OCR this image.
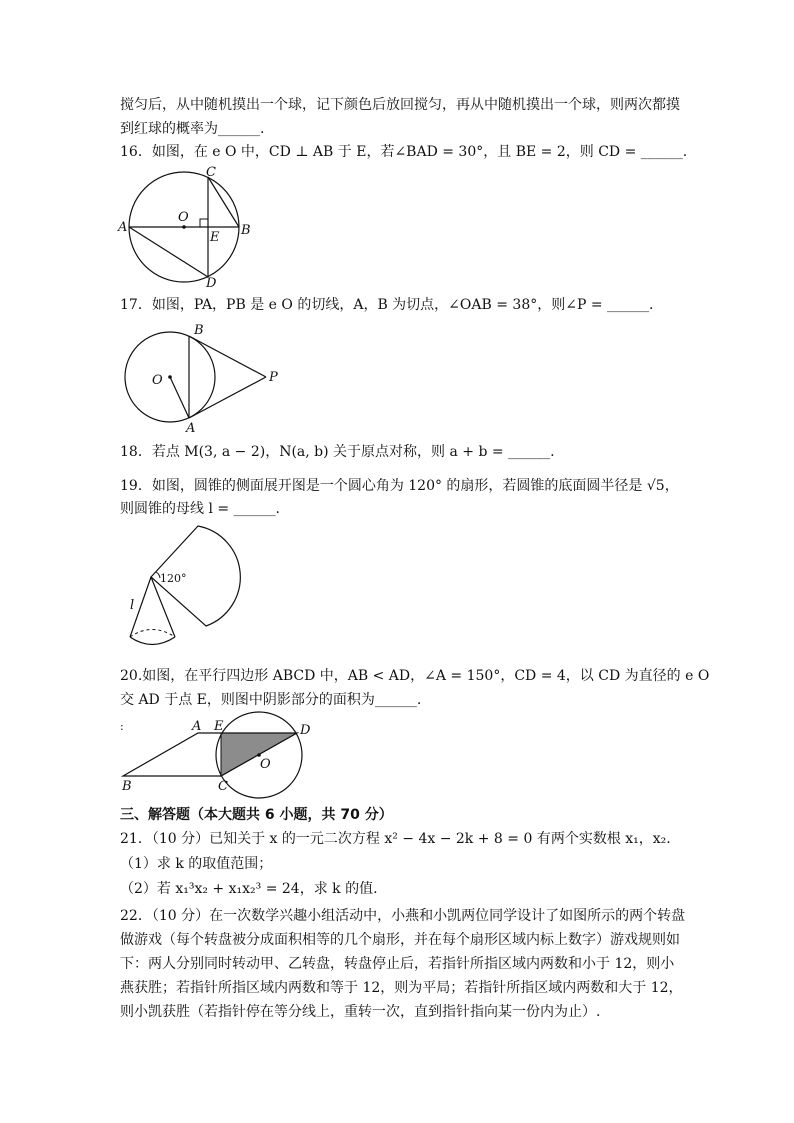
搅匀后，从中随机摸出一个球，记下颜色后放回搅匀，再从中随机摸出一个球，则两次都摸
到红球的概率为______.
16．如图，在 e O 中，CD ⊥ AB 于 E，若∠BAD = 30°，且 BE = 2，则 CD = ______.
A	B
C
D
E
O
17．如图，PA，PB 是 e O 的切线，A，B 为切点，∠OAB = 38°，则∠P = ______.
B
A
O	P
18．若点 M(3, a − 2)，N(a, b) 关于原点对称，则 a + b = ______.
19．如图，圆锥的侧面展开图是一个圆心角为 120° 的扇形，若圆锥的底面圆半径是 √5，
则圆锥的母线 l = ______.
120°
l
20.如图，在平行四边形 ABCD 中，AB < AD，∠A = 150°，CD = 4，以 CD 为直径的 e O
交 AD 于点 E，则图中阴影部分的面积为______.
:	A E	D
B	C
O
三、解答题（本大题共 6 小题，共 70 分）
21．（10 分）已知关于 x 的一元二次方程 x² − 4x − 2k + 8 = 0 有两个实数根 x₁，x₂.
（1）求 k 的取值范围；
（2）若 x₁³x₂ + x₁x₂³ = 24，求 k 的值.
22．（10 分）在一次数学兴趣小组活动中，小燕和小凯两位同学设计了如图所示的两个转盘
做游戏（每个转盘被分成面积相等的几个扇形，并在每个扇形区域内标上数字）游戏规则如
下：两人分别同时转动甲、乙转盘，转盘停止后，若指针所指区域内两数和小于 12，则小
燕获胜；若指针所指区域内两数和等于 12，则为平局；若指针所指区域内两数和大于 12，
则小凯获胜（若指针停在等分线上，重转一次，直到指针指向某一份内为止）.
